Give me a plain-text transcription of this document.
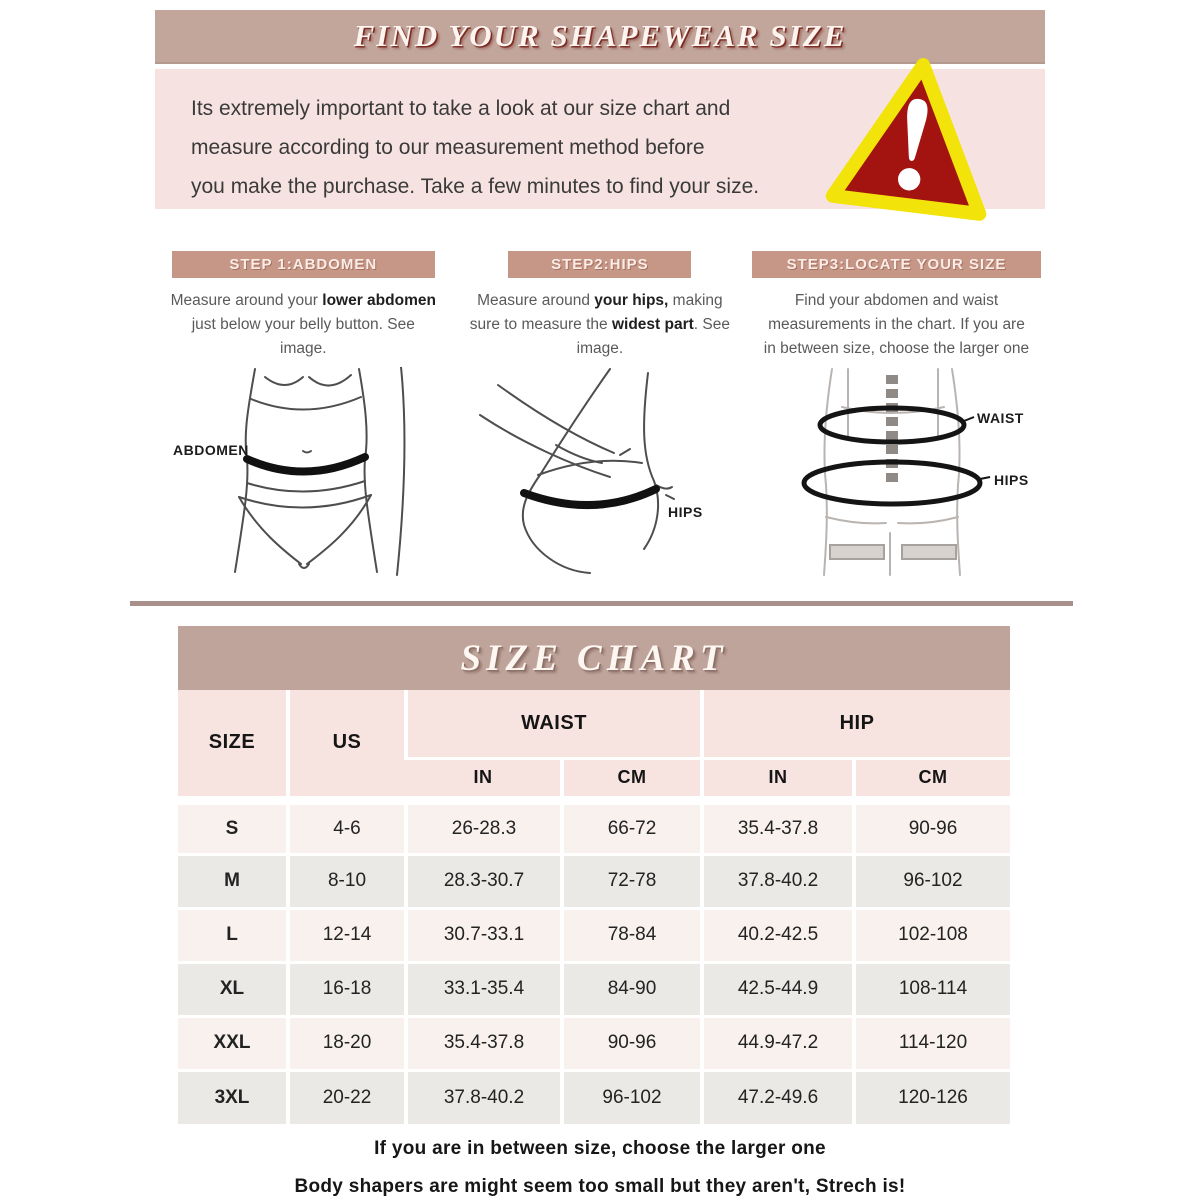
FIND YOUR SHAPEWEAR SIZE
Its extremely important to take a look at our size chart and
measure according to our measurement method before
you make the purchase. Take a few minutes to find your size.
STEP 1:ABDOMEN
Measure around your lower abdomen just below your belly button. See image.
ABDOMEN
STEP2:HIPS
Measure around your hips, making sure to measure the widest part. See image.
HIPS
STEP3:LOCATE YOUR SIZE
Find your abdomen and waist measurements in the chart. If you are in between size, choose the larger one
WAIST
HIPS
SIZE CHART
SIZE	US	WAIST		HIP	
		IN	CM	IN	CM
S	4-6	26-28.3	66-72	35.4-37.8	90-96
M	8-10	28.3-30.7	72-78	37.8-40.2	96-102
L	12-14	30.7-33.1	78-84	40.2-42.5	102-108
XL	16-18	33.1-35.4	84-90	42.5-44.9	108-114
XXL	18-20	35.4-37.8	90-96	44.9-47.2	114-120
3XL	20-22	37.8-40.2	96-102	47.2-49.6	120-126

If you are in between size, choose the larger one

Body shapers are might seem too small but they aren't, Strech is!
